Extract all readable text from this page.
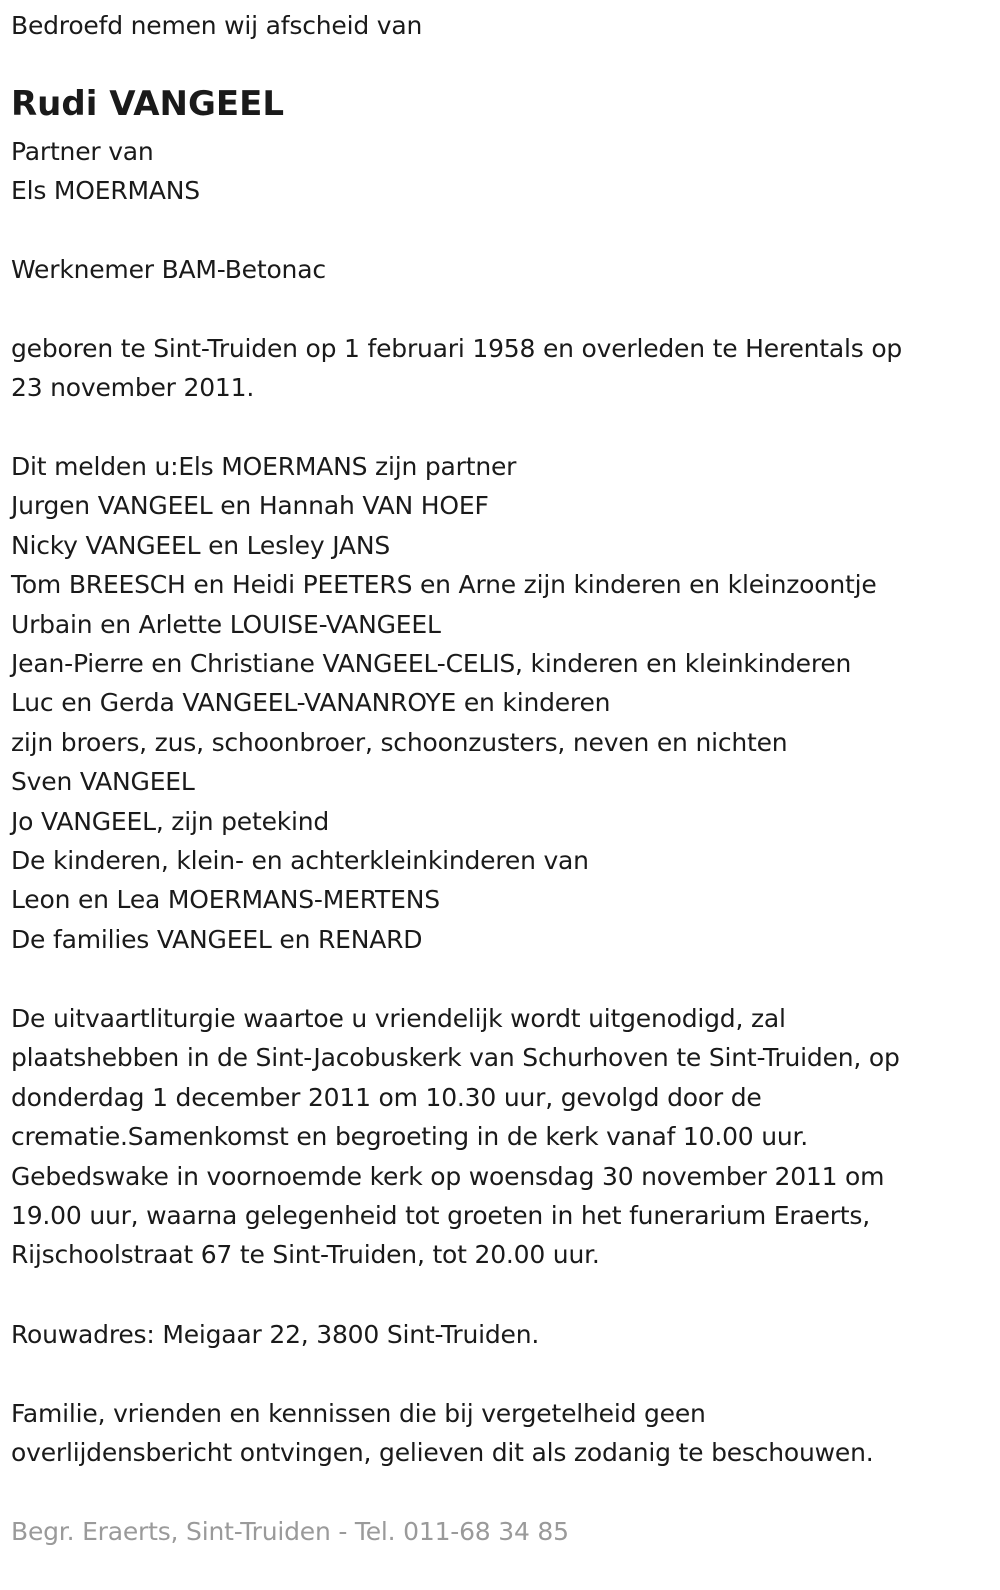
Bedroefd nemen wij afscheid van
Rudi VANGEEL
Partner van
Els MOERMANS
Werknemer BAM-Betonac
geboren te Sint-Truiden op 1 februari 1958 en overleden te Herentals op
23 november 2011.
Dit melden u:Els MOERMANS zijn partner
Jurgen VANGEEL en Hannah VAN HOEF
Nicky VANGEEL en Lesley JANS
Tom BREESCH en Heidi PEETERS en Arne zijn kinderen en kleinzoontje
Urbain en Arlette LOUISE-VANGEEL
Jean-Pierre en Christiane VANGEEL-CELIS, kinderen en kleinkinderen
Luc en Gerda VANGEEL-VANANROYE en kinderen
zijn broers, zus, schoonbroer, schoonzusters, neven en nichten
Sven VANGEEL
Jo VANGEEL, zijn petekind
De kinderen, klein- en achterkleinkinderen van
Leon en Lea MOERMANS-MERTENS
De families VANGEEL en RENARD
De uitvaartliturgie waartoe u vriendelijk wordt uitgenodigd, zal
plaatshebben in de Sint-Jacobuskerk van Schurhoven te Sint-Truiden, op
donderdag 1 december 2011 om 10.30 uur, gevolgd door de
crematie.Samenkomst en begroeting in de kerk vanaf 10.00 uur.
Gebedswake in voornoemde kerk op woensdag 30 november 2011 om
19.00 uur, waarna gelegenheid tot groeten in het funerarium Eraerts,
Rijschoolstraat 67 te Sint-Truiden, tot 20.00 uur.
Rouwadres: Meigaar 22, 3800 Sint-Truiden.
Familie, vrienden en kennissen die bij vergetelheid geen
overlijdensbericht ontvingen, gelieven dit als zodanig te beschouwen.
Begr. Eraerts, Sint-Truiden - Tel. 011-68 34 85
